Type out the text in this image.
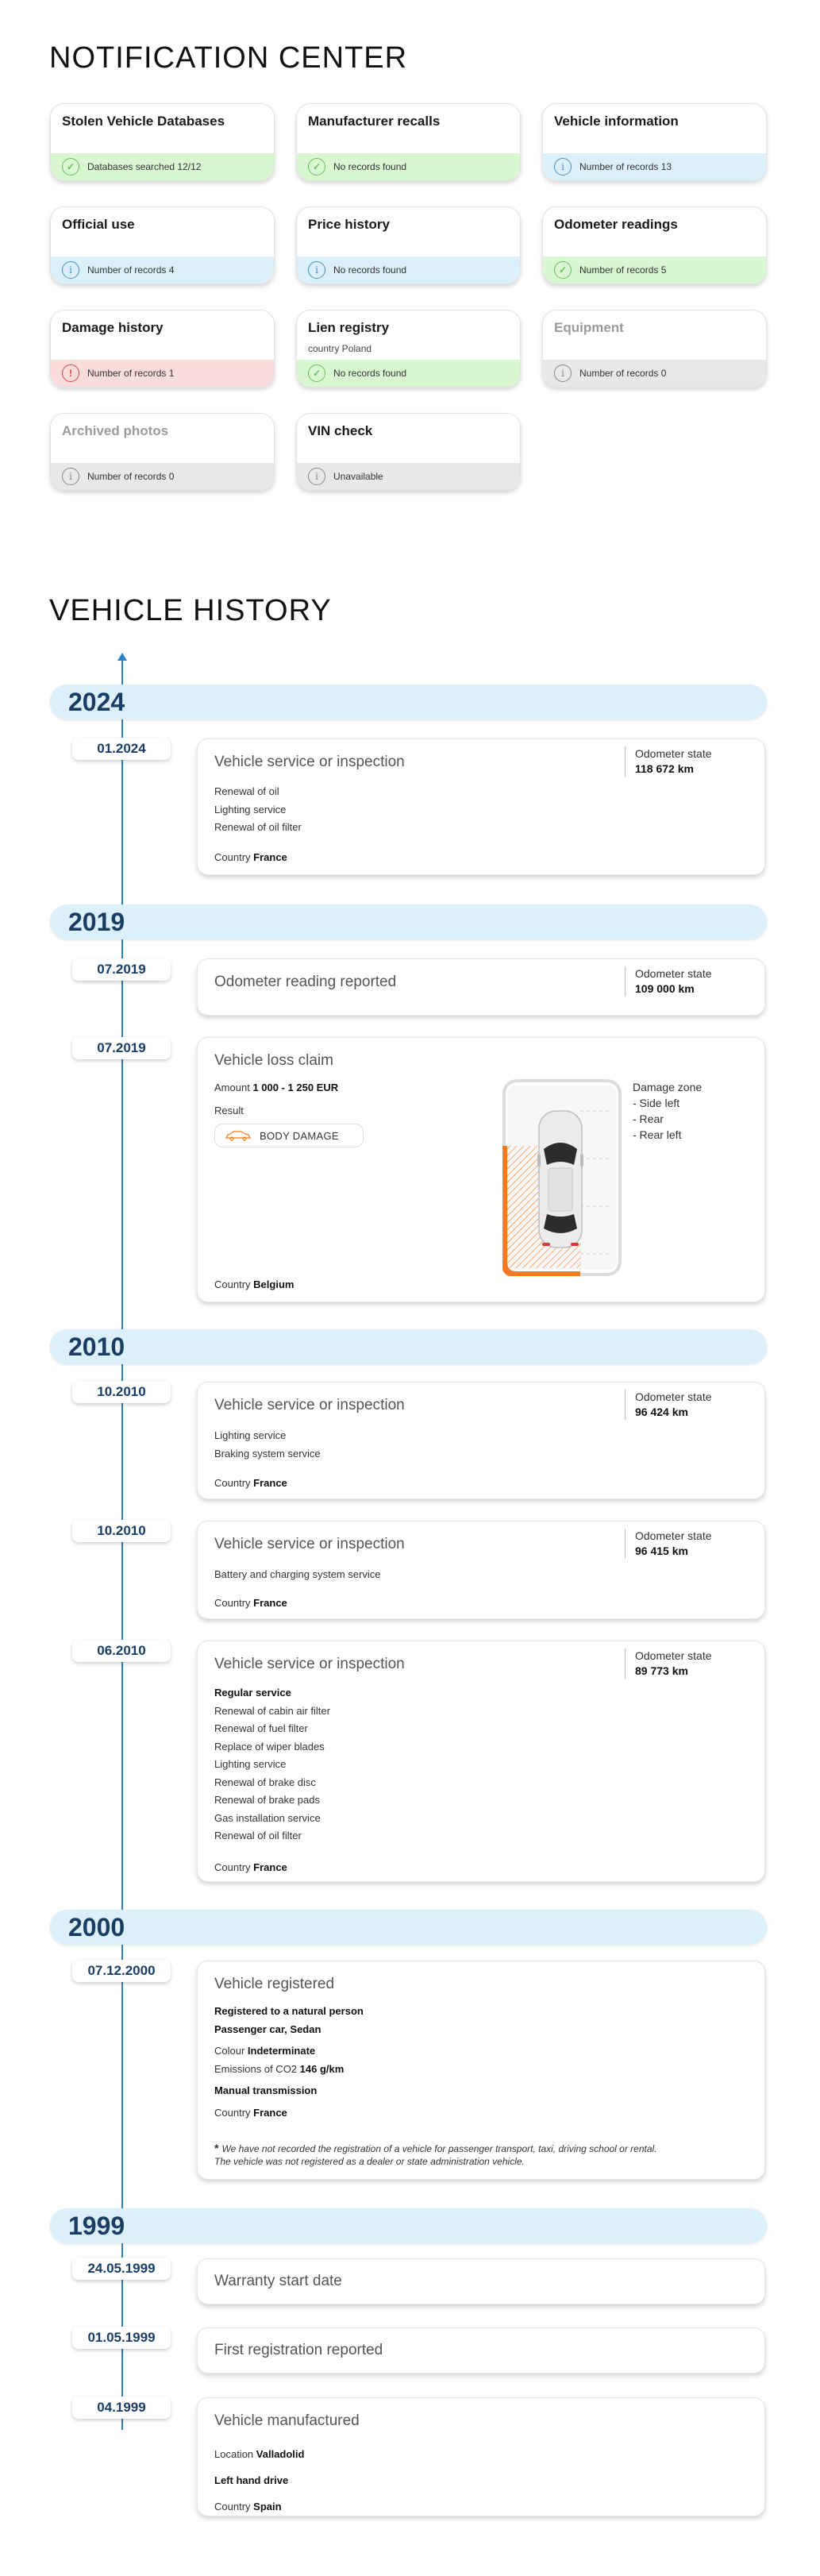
NOTIFICATION CENTER
Stolen Vehicle Databases
✓	Databases searched 12/12
Manufacturer recalls
✓	No records found
Vehicle information
i	Number of records 13
Official use
i	Number of records 4
Price history
i	No records found
Odometer readings
✓	Number of records 5
Damage history
!	Number of records 1
Lien registry
country Poland
✓	No records found
Equipment
i	Number of records 0
Archived photos
i	Number of records 0
VIN check
i	Unavailable
VEHICLE HISTORY
2024
01.2024
Vehicle service or inspection	Odometer state
118 672 km
Renewal of oil
Lighting service
Renewal of oil filter
Country France
2019
07.2019
Odometer reading reported	Odometer state
109 000 km
07.2019
Vehicle loss claim
Amount 1 000 - 1 250 EUR
Result
BODY DAMAGE
Damage zone
- Side left
- Rear
- Rear left
Country Belgium
2010
10.2010
Vehicle service or inspection	Odometer state
96 424 km
Lighting service
Braking system service
Country France
10.2010
Vehicle service or inspection	Odometer state
96 415 km
Battery and charging system service
Country France
06.2010
Vehicle service or inspection	Odometer state
89 773 km
Regular service
Renewal of cabin air filter
Renewal of fuel filter
Replace of wiper blades
Lighting service
Renewal of brake disc
Renewal of brake pads
Gas installation service
Renewal of oil filter
Country France
2000
07.12.2000
Vehicle registered
Registered to a natural person
Passenger car, Sedan
Colour Indeterminate
Emissions of CO2 146 g/km
Manual transmission
Country France
* We have not recorded the registration of a vehicle for passenger transport, taxi, driving school or rental.
The vehicle was not registered as a dealer or state administration vehicle.
1999
24.05.1999
Warranty start date
01.05.1999
First registration reported
04.1999
Vehicle manufactured
Location Valladolid
Left hand drive
Country Spain
